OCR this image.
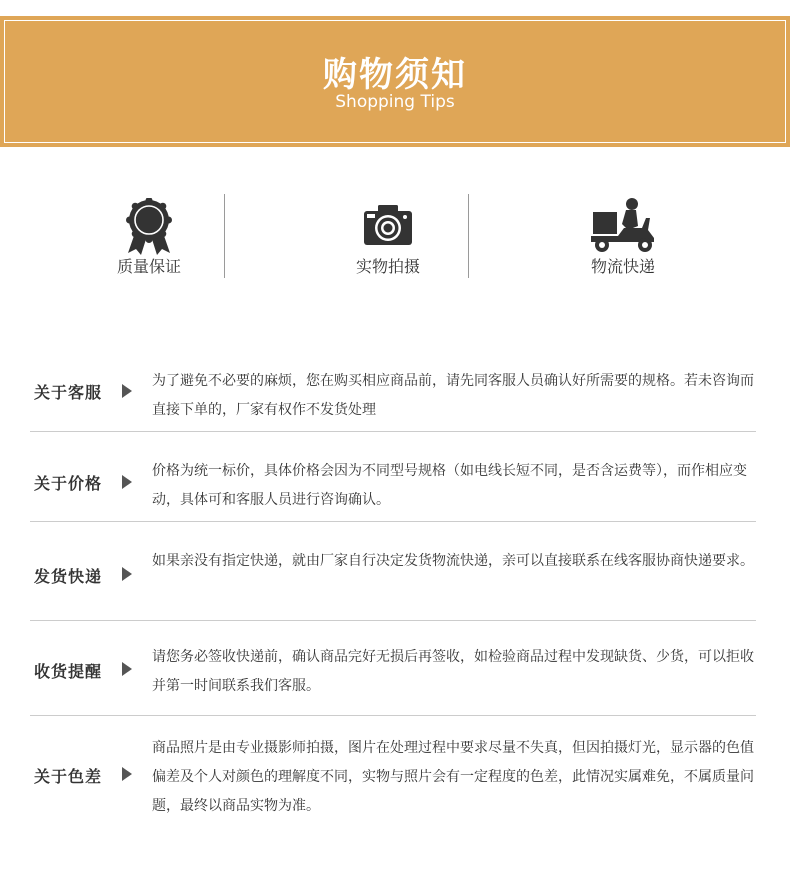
购物须知
Shopping Tips
质量保证	实物拍摄	物流快递
关于客服
为了避免不必要的麻烦，您在购买相应商品前，请先同客服人员确认好所需要的规格。若未咨询而直接下单的，厂家有权作不发货处理
关于价格
价格为统一标价，具体价格会因为不同型号规格（如电线长短不同，是否含运费等），而作相应变动，具体可和客服人员进行咨询确认。
发货快递
如果亲没有指定快递，就由厂家自行决定发货物流快递，亲可以直接联系在线客服协商快递要求。
收货提醒
请您务必签收快递前，确认商品完好无损后再签收，如检验商品过程中发现缺货、少货，可以拒收并第一时间联系我们客服。
关于色差
商品照片是由专业摄影师拍摄，图片在处理过程中要求尽量不失真，但因拍摄灯光，显示器的色值偏差及个人对颜色的理解度不同，实物与照片会有一定程度的色差，此情况实属难免，不属质量问题，最终以商品实物为准。
